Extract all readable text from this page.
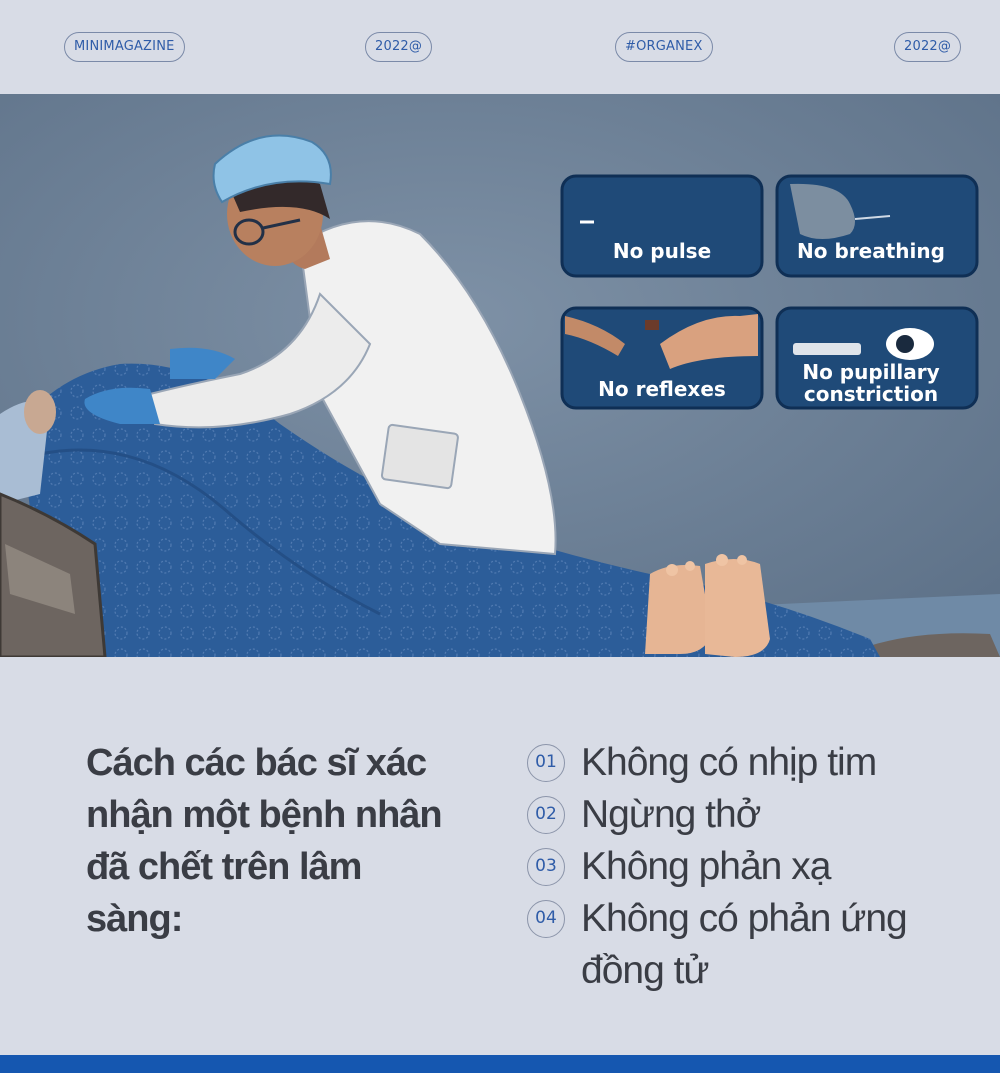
MINIMAGAZINE	2022@	#ORGANEX	2022@
No pulse	No breathing
No reflexes
No pupillary
constriction
Cách các bác sĩ xác nhận một bệnh nhân đã chết trên lâm sàng:
01 Không có nhịp tim
02 Ngừng thở
03 Không phản xạ
04 Không có phản ứng đồng tử
